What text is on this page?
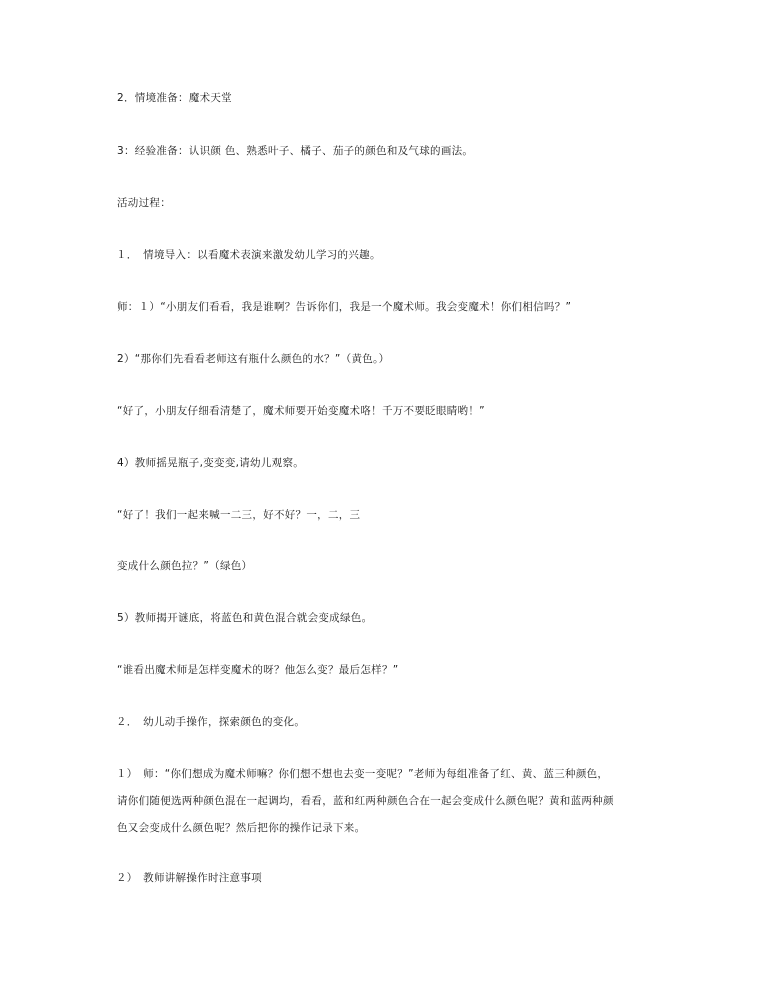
2．情境准备：魔术天堂
3：经验准备：认识颜 色、熟悉叶子、橘子、茄子的颜色和及气球的画法。
活动过程：
１．　情境导入：以看魔术表演来激发幼儿学习的兴趣。
师：１）“小朋友们看看，我是谁啊？告诉你们，我是一个魔术师。我会变魔术！你们相信吗？”
2）“那你们先看看老师这有瓶什么颜色的水？”（黄色。）
“好了，小朋友仔细看清楚了，魔术师要开始变魔术咯！千万不要眨眼睛哟！”
4）教师摇晃瓶子,变变变,请幼儿观察。
“好了！我们一起来喊一二三，好不好？一，二，三
变成什么颜色拉？”（绿色）
5）教师揭开谜底，将蓝色和黄色混合就会变成绿色。
“谁看出魔术师是怎样变魔术的呀？他怎么变？最后怎样？”
２．　幼儿动手操作，探索颜色的变化。
１）　师：“你们想成为魔术师嘛？你们想不想也去变一变呢？”老师为每组准备了红、黄、蓝三种颜色，
请你们随便选两种颜色混在一起调均，看看，蓝和红两种颜色合在一起会变成什么颜色呢？黄和蓝两种颜
色又会变成什么颜色呢？然后把你的操作记录下来。
２）　教师讲解操作时注意事项
